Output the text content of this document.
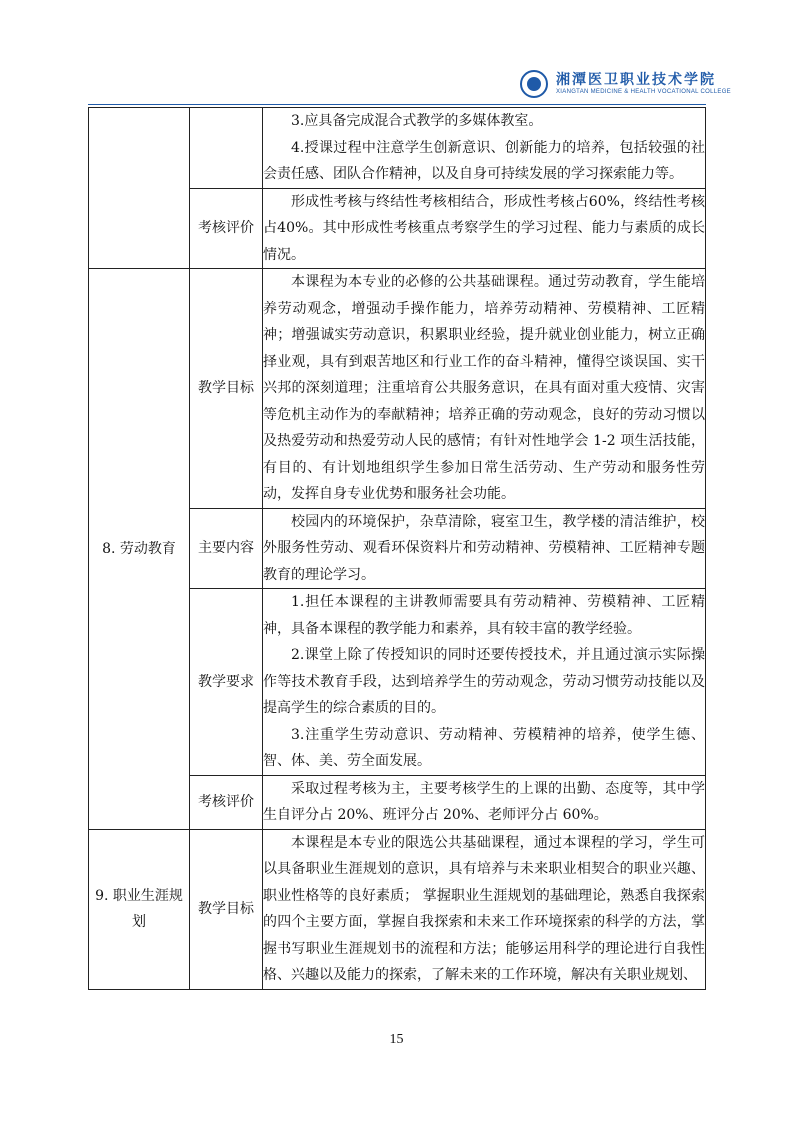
湘潭医卫职业技术学院
XIANGTAN MEDICINE & HEALTH VOCATIONAL COLLEGE

		3.应具备完成混合式教学的多媒体教室。

4.授课过程中注意学生创新意识、创新能力的培养，包括较强的社会责任感、团队合作精神，以及自身可持续发展的学习探索能力等。

	考核评价	形成性考核与终结性考核相结合，形成性考核占60%，终结性考核占40%。其中形成性考核重点考察学生的学习过程、能力与素质的成长情况。

8. 劳动教育	教学目标	本课程为本专业的必修的公共基础课程。通过劳动教育，学生能培养劳动观念，增强动手操作能力，培养劳动精神、劳模精神、工匠精神；增强诚实劳动意识，积累职业经验，提升就业创业能力，树立正确择业观，具有到艰苦地区和行业工作的奋斗精神，懂得空谈误国、实干兴邦的深刻道理；注重培育公共服务意识，在具有面对重大疫情、灾害等危机主动作为的奉献精神；培养正确的劳动观念，良好的劳动习惯以及热爱劳动和热爱劳动人民的感情；有针对性地学会 1-2 项生活技能，有目的、有计划地组织学生参加日常生活劳动、生产劳动和服务性劳动，发挥自身专业优势和服务社会功能。

	主要内容	校园内的环境保护，杂草清除，寝室卫生，教学楼的清洁维护，校外服务性劳动、观看环保资料片和劳动精神、劳模精神、工匠精神专题教育的理论学习。

	教学要求	1.担任本课程的主讲教师需要具有劳动精神、劳模精神、工匠精神，具备本课程的教学能力和素养，具有较丰富的教学经验。

2.课堂上除了传授知识的同时还要传授技术，并且通过演示实际操作等技术教育手段，达到培养学生的劳动观念，劳动习惯劳动技能以及提高学生的综合素质的目的。

3.注重学生劳动意识、劳动精神、劳模精神的培养，使学生德、智、体、美、劳全面发展。

	考核评价	采取过程考核为主，主要考核学生的上课的出勤、态度等，其中学生自评分占 20%、班评分占 20%、老师评分占 60%。

9. 职业生涯规划	教学目标	本课程是本专业的限选公共基础课程，通过本课程的学习，学生可以具备职业生涯规划的意识，具有培养与未来职业相契合的职业兴趣、职业性格等的良好素质； 掌握职业生涯规划的基础理论，熟悉自我探索的四个主要方面，掌握自我探索和未来工作环境探索的科学的方法，掌握书写职业生涯规划书的流程和方法；能够运用科学的理论进行自我性格、兴趣以及能力的探索，了解未来的工作环境，解决有关职业规划、

15
